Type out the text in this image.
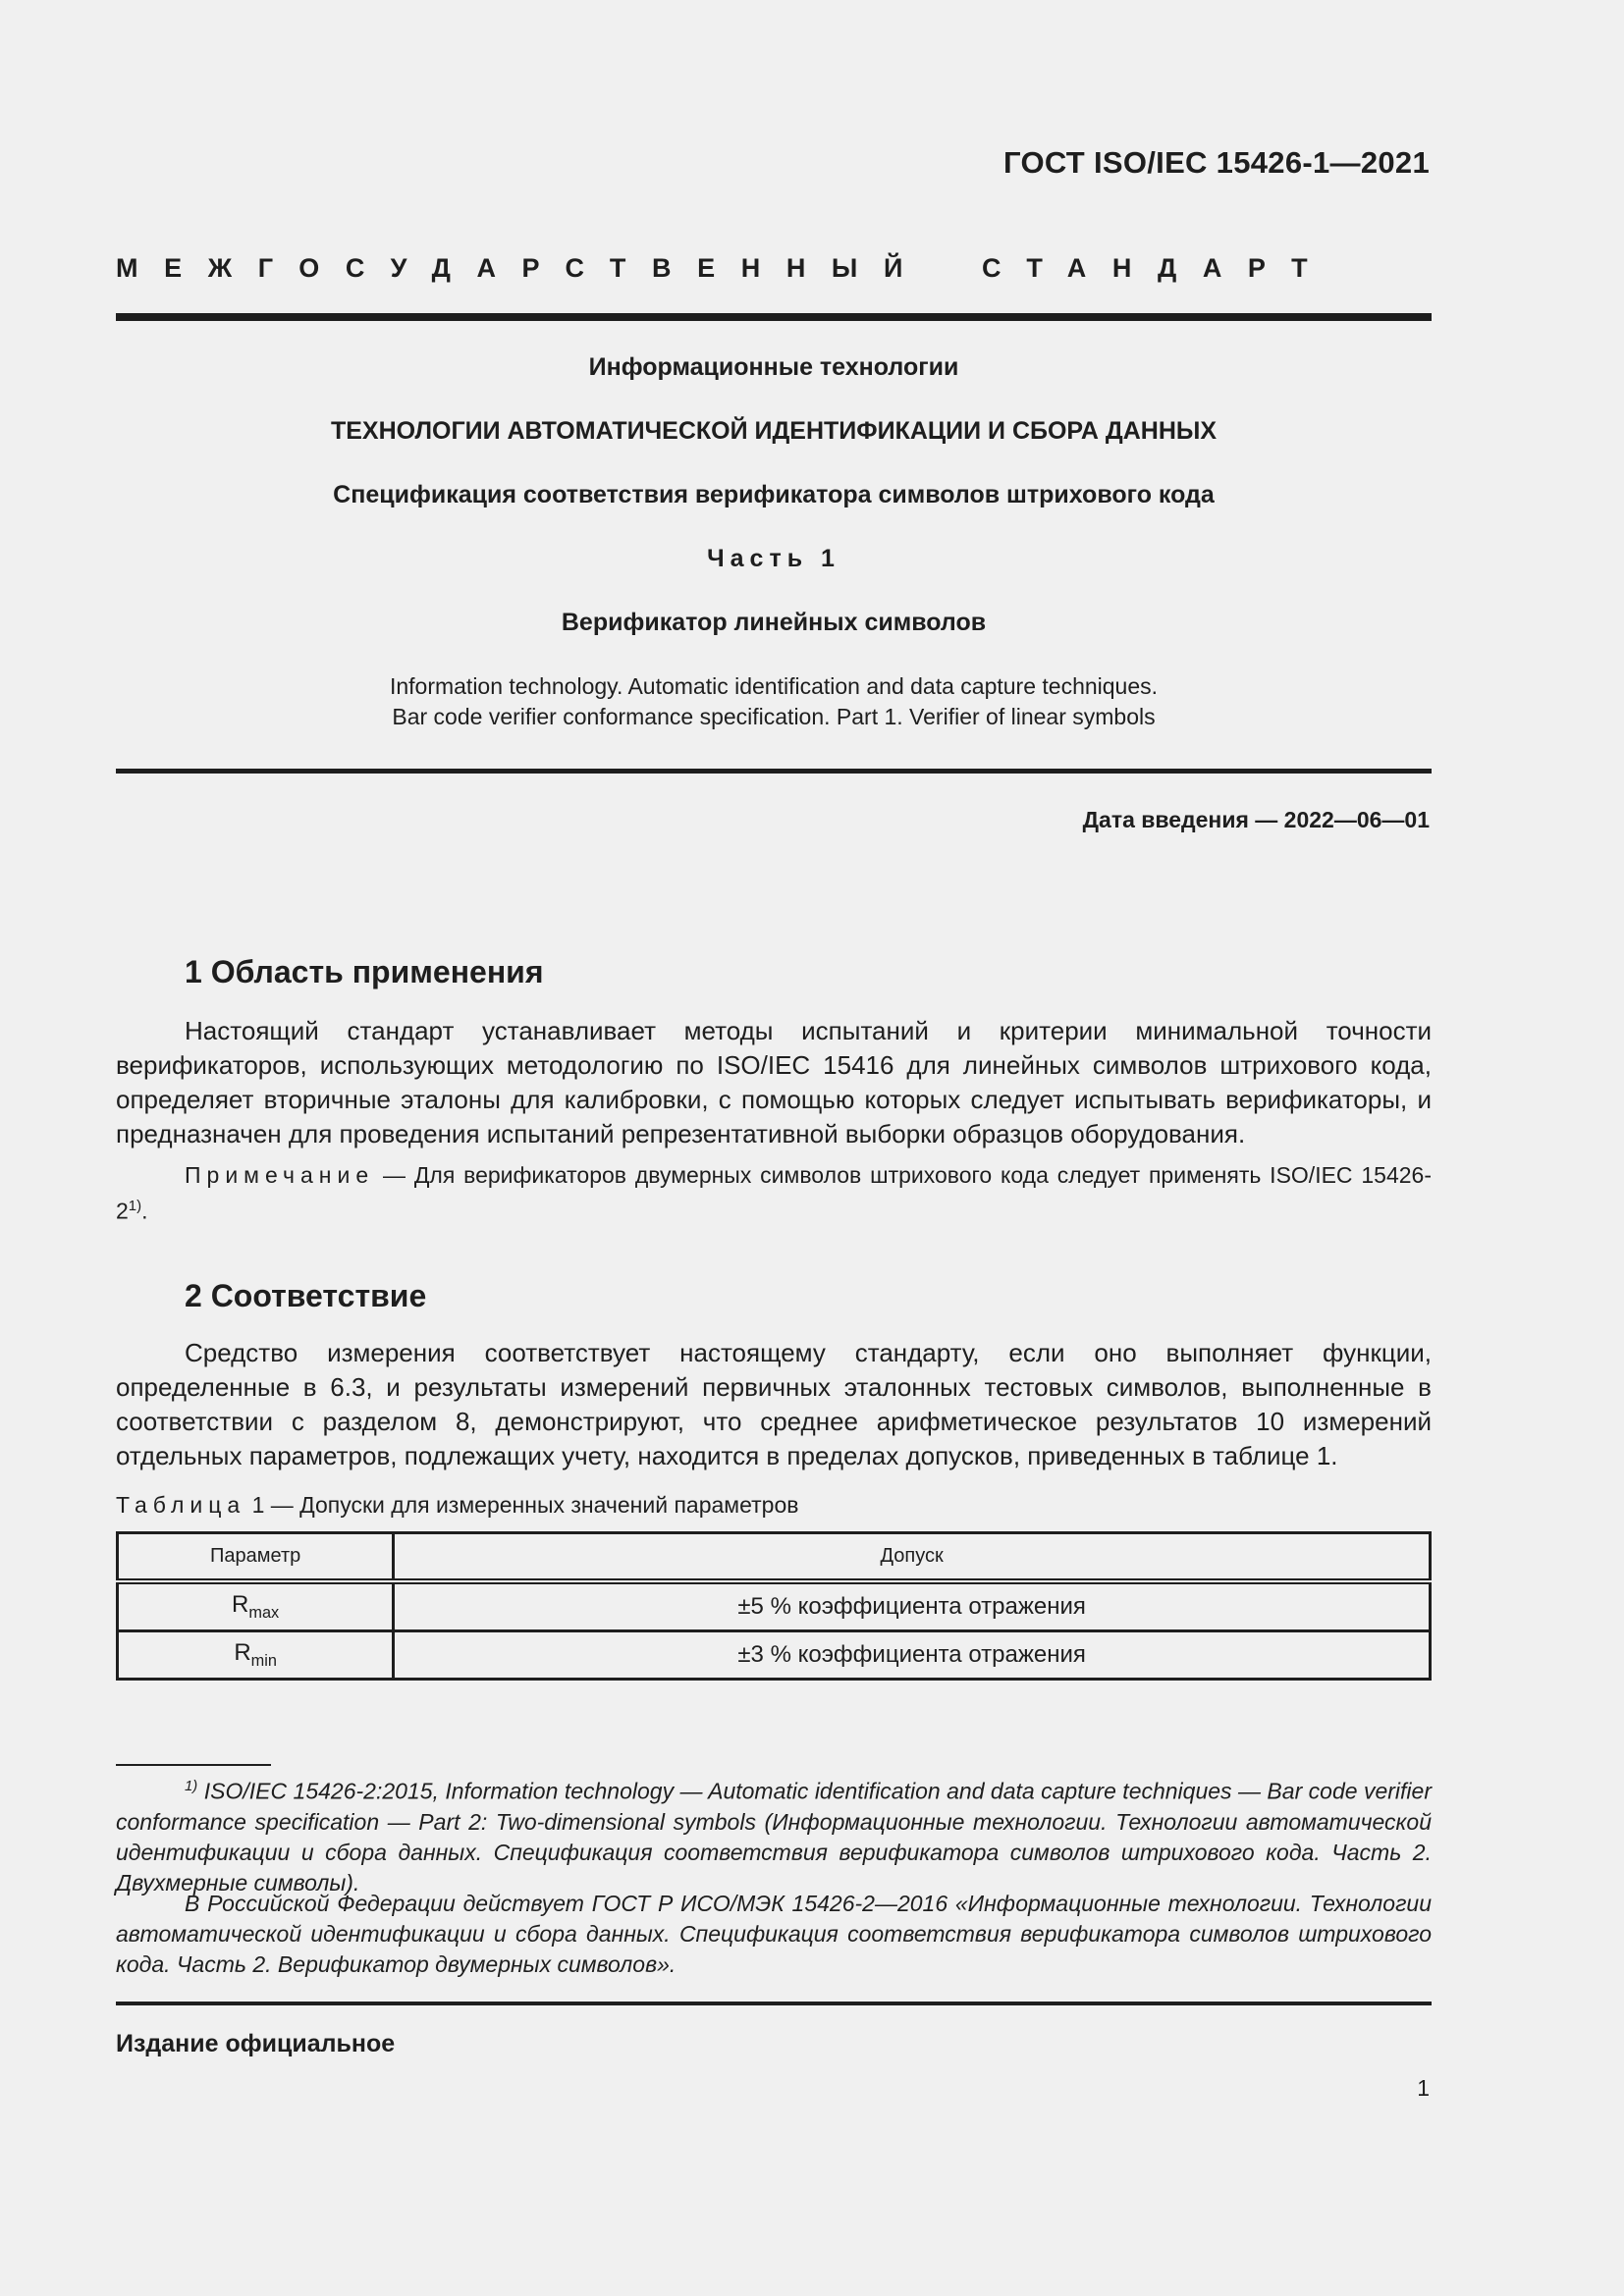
ГОСТ ISO/IEC 15426-1—2021
МЕЖГОСУДАРСТВЕННЫЙ СТАНДАРТ
Информационные технологии
ТЕХНОЛОГИИ АВТОМАТИЧЕСКОЙ ИДЕНТИФИКАЦИИ И СБОРА ДАННЫХ
Спецификация соответствия верификатора символов штрихового кода
Часть 1
Верификатор линейных символов
Information technology. Automatic identification and data capture techniques.
Bar code verifier conformance specification. Part 1. Verifier of linear symbols
Дата введения — 2022—06—01
1 Область применения
Настоящий стандарт устанавливает методы испытаний и критерии минимальной точности верификаторов, использующих методологию по ISO/IEC 15416 для линейных символов штрихового кода, определяет вторичные эталоны для калибровки, с помощью которых следует испытывать верификаторы, и предназначен для проведения испытаний репрезентативной выборки образцов оборудования.
Примечание — Для верификаторов двумерных символов штрихового кода следует применять ISO/IEC 15426-2$^{1)}$.
2 Соответствие
Средство измерения соответствует настоящему стандарту, если оно выполняет функции, определенные в 6.3, и результаты измерений первичных эталонных тестовых символов, выполненные в соответствии с разделом 8, демонстрируют, что среднее арифметическое результатов 10 измерений отдельных параметров, подлежащих учету, находится в пределах допусков, приведенных в таблице 1.
Таблица 1 — Допуски для измеренных значений параметров
Параметр	Допуск
$R_{max}$	±5 % коэффициента отражения
$R_{min}$	±3 % коэффициента отражения
$^{1)}$ ISO/IEC 15426-2:2015, Information technology — Automatic identification and data capture techniques — Bar code verifier conformance specification — Part 2: Two-dimensional symbols (Информационные технологии. Технологии автоматической идентификации и сбора данных. Спецификация соответствия верификатора символов штрихового кода. Часть 2. Двухмерные символы).
В Российской Федерации действует ГОСТ Р ИСО/МЭК 15426-2—2016 «Информационные технологии. Технологии автоматической идентификации и сбора данных. Спецификация соответствия верификатора символов штрихового кода. Часть 2. Верификатор двумерных символов».
Издание официальное
1
